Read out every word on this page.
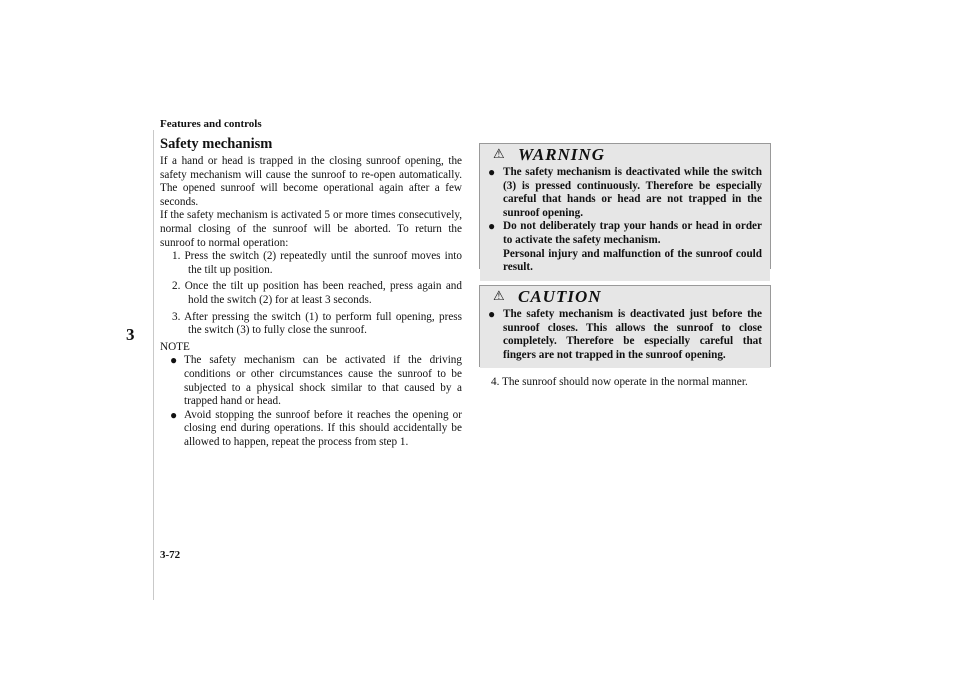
Features and controls
3
Safety mechanism

If a hand or head is trapped in the closing sunroof opening, the safety mechanism will cause the sunroof to re-open automatically. The opened sunroof will become operational again after a few seconds.

If the safety mechanism is activated 5 or more times consecutively, normal closing of the sunroof will be aborted. To return the sunroof to normal operation:

1. Press the switch (2) repeatedly until the sunroof moves into the tilt up position.
2. Once the tilt up position has been reached, press again and hold the switch (2) for at least 3 seconds.
3. After pressing the switch (1) to perform full opening, press the switch (3) to fully close the sunroof.
NOTE
● The safety mechanism can be activated if the driving conditions or other circumstances cause the sunroof to be subjected to a physical shock similar to that caused by a trapped hand or head.
● Avoid stopping the sunroof before it reaches the opening or closing end during operations. If this should accidentally be allowed to happen, repeat the process from step 1.
⚠ WARNING
● The safety mechanism is deactivated while the switch (3) is pressed continuously. Therefore be especially careful that hands or head are not trapped in the sunroof opening.
● Do not deliberately trap your hands or head in order to activate the safety mechanism.
Personal injury and malfunction of the sunroof could result.
⚠ CAUTION
● The safety mechanism is deactivated just before the sunroof closes. This allows the sunroof to close completely. Therefore be especially careful that fingers are not trapped in the sunroof opening.
4. The sunroof should now operate in the normal manner.
3-72
